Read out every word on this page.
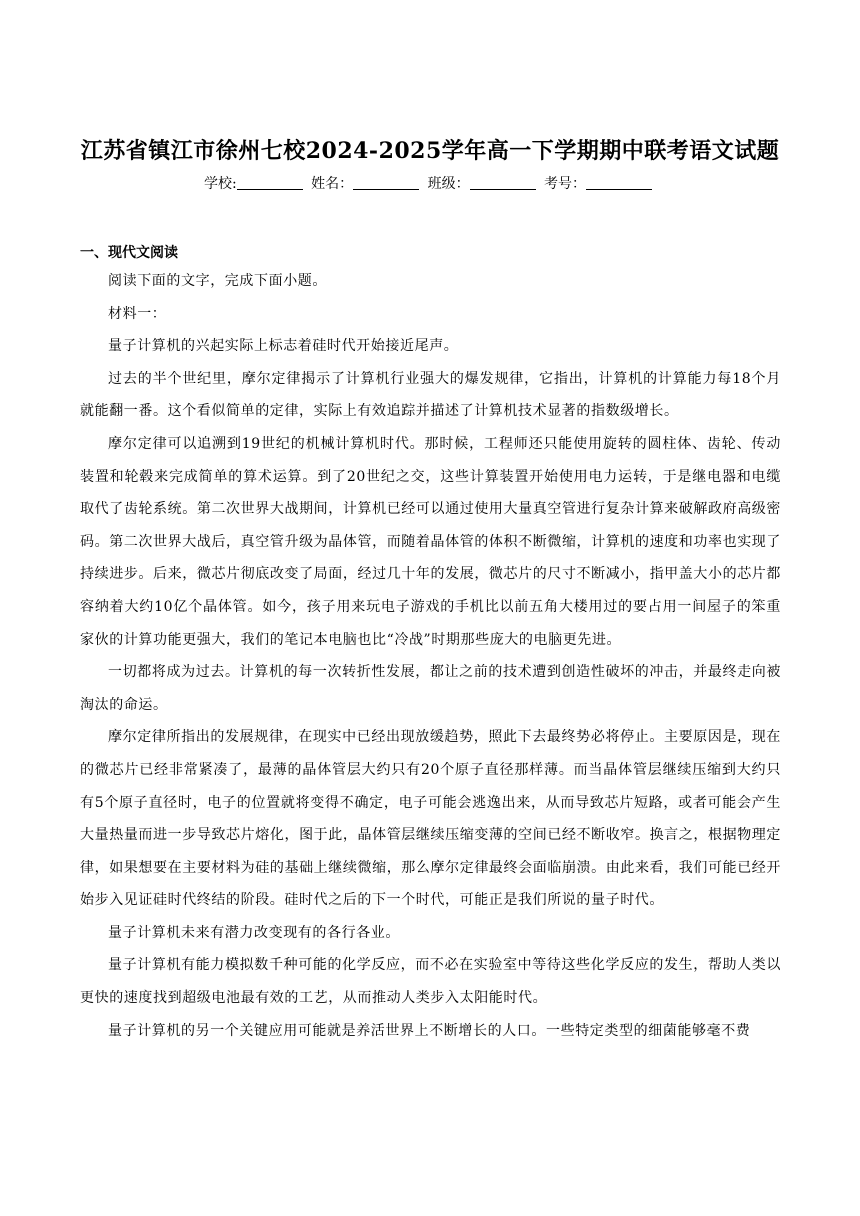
江苏省镇江市徐州七校2024-2025学年高一下学期期中联考语文试题
学校:	姓名：	班级：	考号：
一、现代文阅读

阅读下面的文字，完成下面小题。

材料一：

量子计算机的兴起实际上标志着硅时代开始接近尾声。

过去的半个世纪里，摩尔定律揭示了计算机行业强大的爆发规律，它指出，计算机的计算能力每18个月就能翻一番。这个看似简单的定律，实际上有效追踪并描述了计算机技术显著的指数级增长。

摩尔定律可以追溯到19世纪的机械计算机时代。那时候，工程师还只能使用旋转的圆柱体、齿轮、传动装置和轮毂来完成简单的算术运算。到了20世纪之交，这些计算装置开始使用电力运转，于是继电器和电缆取代了齿轮系统。第二次世界大战期间，计算机已经可以通过使用大量真空管进行复杂计算来破解政府高级密码。第二次世界大战后，真空管升级为晶体管，而随着晶体管的体积不断微缩，计算机的速度和功率也实现了持续进步。后来，微芯片彻底改变了局面，经过几十年的发展，微芯片的尺寸不断减小，指甲盖大小的芯片都容纳着大约10亿个晶体管。如今，孩子用来玩电子游戏的手机比以前五角大楼用过的要占用一间屋子的笨重家伙的计算功能更强大，我们的笔记本电脑也比“冷战”时期那些庞大的电脑更先进。

一切都将成为过去。计算机的每一次转折性发展，都让之前的技术遭到创造性破坏的冲击，并最终走向被淘汰的命运。

摩尔定律所指出的发展规律，在现实中已经出现放缓趋势，照此下去最终势必将停止。主要原因是，现在的微芯片已经非常紧凑了，最薄的晶体管层大约只有20个原子直径那样薄。而当晶体管层继续压缩到大约只有5个原子直径时，电子的位置就将变得不确定，电子可能会逃逸出来，从而导致芯片短路，或者可能会产生大量热量而进一步导致芯片熔化，图于此，晶体管层继续压缩变薄的空间已经不断收窄。换言之，根据物理定律，如果想要在主要材料为硅的基础上继续微缩，那么摩尔定律最终会面临崩溃。由此来看，我们可能已经开始步入见证硅时代终结的阶段。硅时代之后的下一个时代，可能正是我们所说的量子时代。

量子计算机未来有潜力改变现有的各行各业。

量子计算机有能力模拟数千种可能的化学反应，而不必在实验室中等待这些化学反应的发生，帮助人类以更快的速度找到超级电池最有效的工艺，从而推动人类步入太阳能时代。

量子计算机的另一个关键应用可能就是养活世界上不断增长的人口。一些特定类型的细菌能够毫不费
